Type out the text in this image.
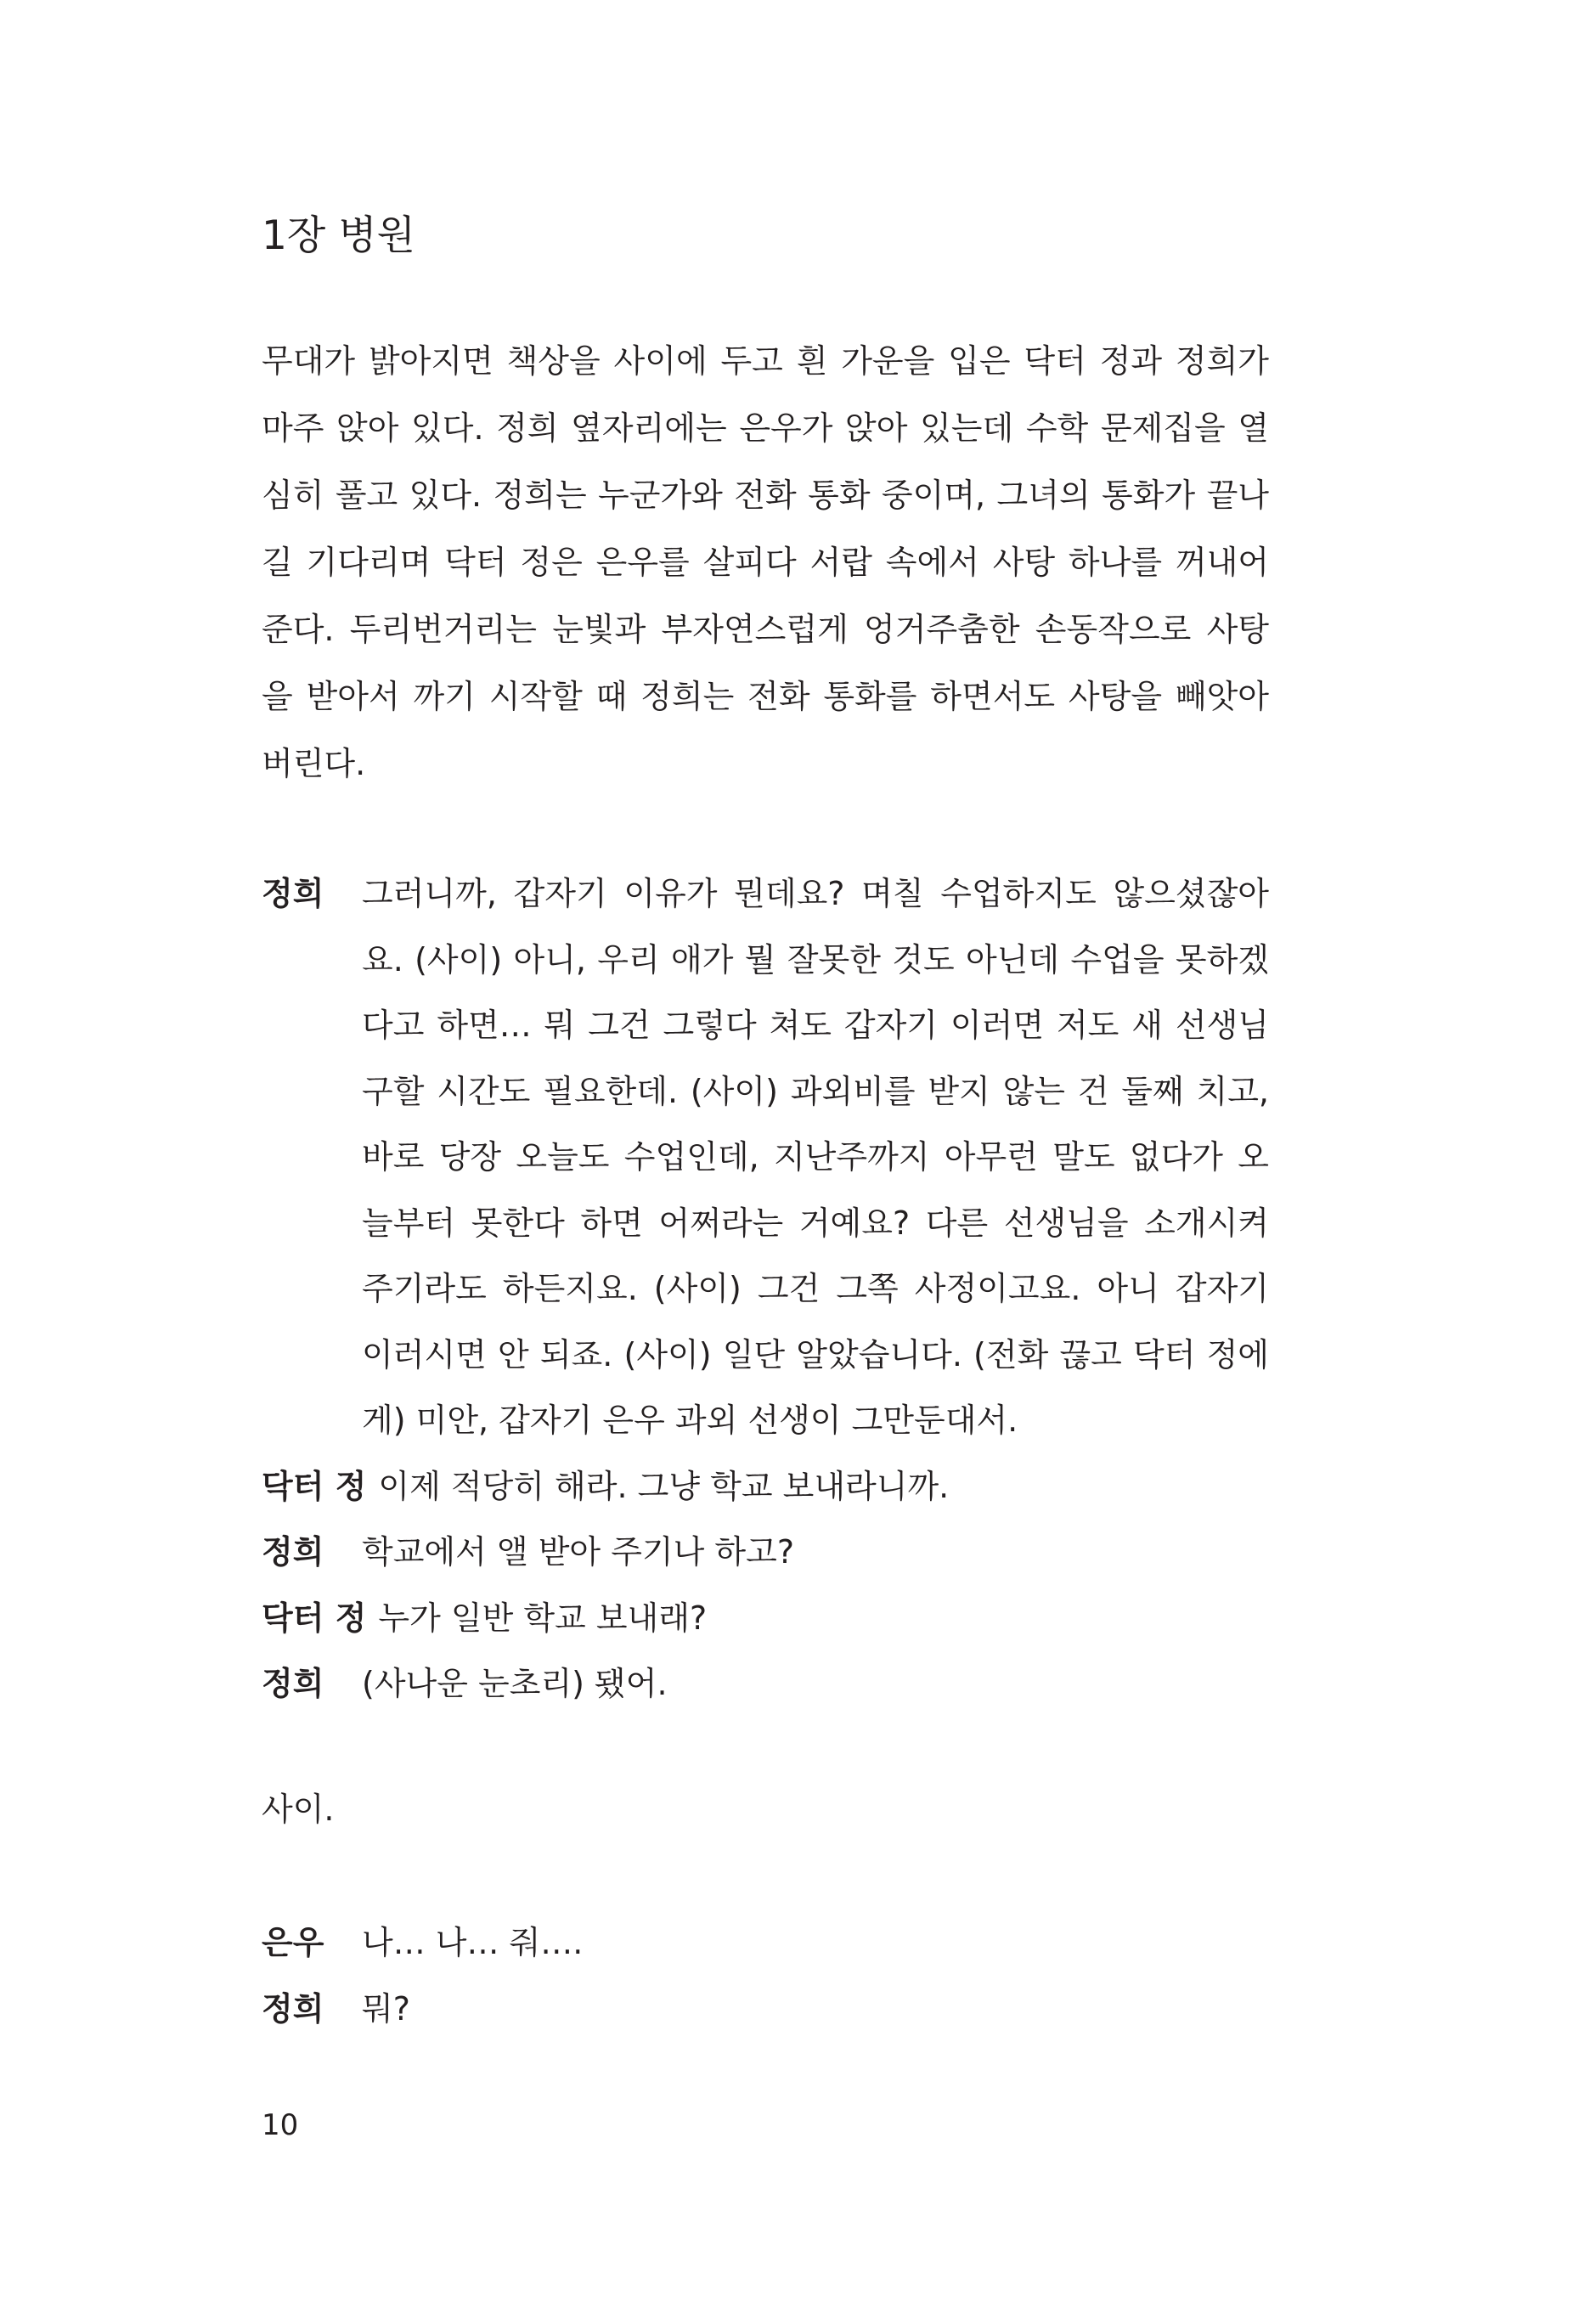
1장 병원
무대가 밝아지면 책상을 사이에 두고 흰 가운을 입은 닥터 정과 정희가
마주 앉아 있다. 정희 옆자리에는 은우가 앉아 있는데 수학 문제집을 열
심히 풀고 있다. 정희는 누군가와 전화 통화 중이며, 그녀의 통화가 끝나
길 기다리며 닥터 정은 은우를 살피다 서랍 속에서 사탕 하나를 꺼내어
준다. 두리번거리는 눈빛과 부자연스럽게 엉거주춤한 손동작으로 사탕
을 받아서 까기 시작할 때 정희는 전화 통화를 하면서도 사탕을 빼앗아
버린다.
정희	그러니까, 갑자기 이유가 뭔데요? 며칠 수업하지도 않으셨잖아
요. (사이) 아니, 우리 애가 뭘 잘못한 것도 아닌데 수업을 못하겠
다고 하면… 뭐 그건 그렇다 쳐도 갑자기 이러면 저도 새 선생님
구할 시간도 필요한데. (사이) 과외비를 받지 않는 건 둘째 치고,
바로 당장 오늘도 수업인데, 지난주까지 아무런 말도 없다가 오
늘부터 못한다 하면 어쩌라는 거예요? 다른 선생님을 소개시켜
주기라도 하든지요. (사이) 그건 그쪽 사정이고요. 아니 갑자기
이러시면 안 되죠. (사이) 일단 알았습니다. (전화 끊고 닥터 정에
게) 미안, 갑자기 은우 과외 선생이 그만둔대서.
닥터 정 이제 적당히 해라. 그냥 학교 보내라니까.
정희	학교에서 앨 받아 주기나 하고?
닥터 정 누가 일반 학교 보내래?
정희	(사나운 눈초리) 됐어.
사이.
은우	나… 나… 줘….
정희	뭐?
10
